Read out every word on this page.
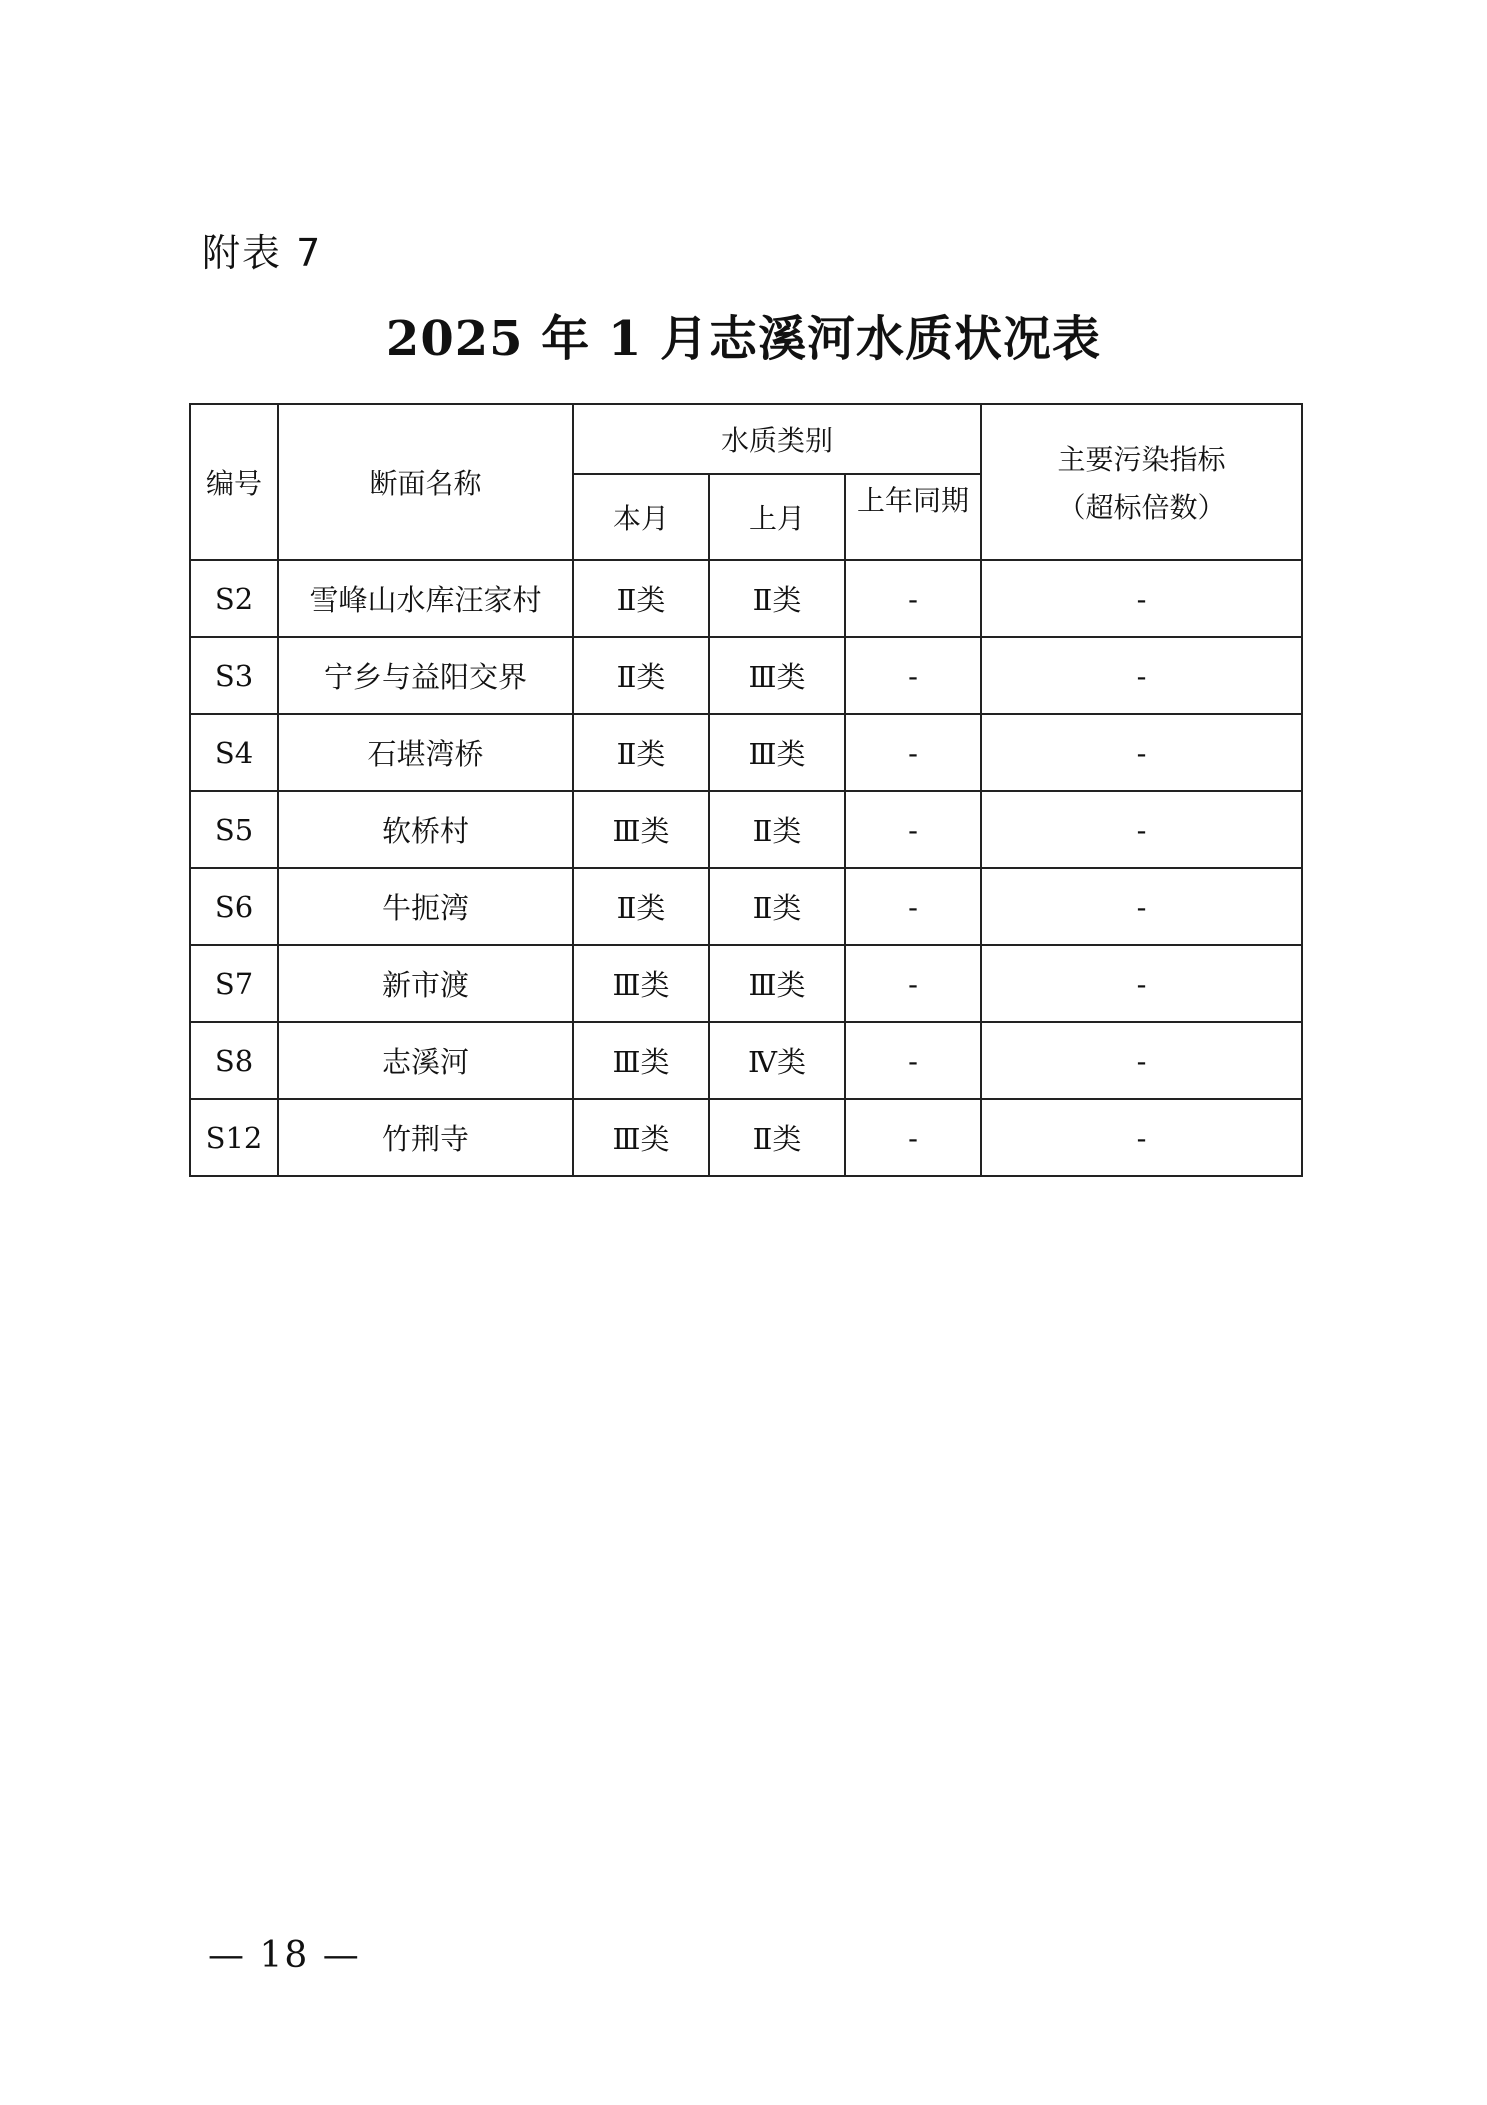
附表 7
2025 年 1 月志溪河水质状况表
编号	断面名称	水质类别			主要污染指标
（超标倍数）

		本月	上月	上年同期	

S2	雪峰山水库汪家村	Ⅱ类	Ⅱ类	-	-
S3	宁乡与益阳交界	Ⅱ类	Ⅲ类	-	-
S4	石堪湾桥	Ⅱ类	Ⅲ类	-	-
S5	软桥村	Ⅲ类	Ⅱ类	-	-
S6	牛扼湾	Ⅱ类	Ⅱ类	-	-
S7	新市渡	Ⅲ类	Ⅲ类	-	-
S8	志溪河	Ⅲ类	Ⅳ类	-	-
S12	竹荆寺	Ⅲ类	Ⅱ类	-	-
— 18 —
